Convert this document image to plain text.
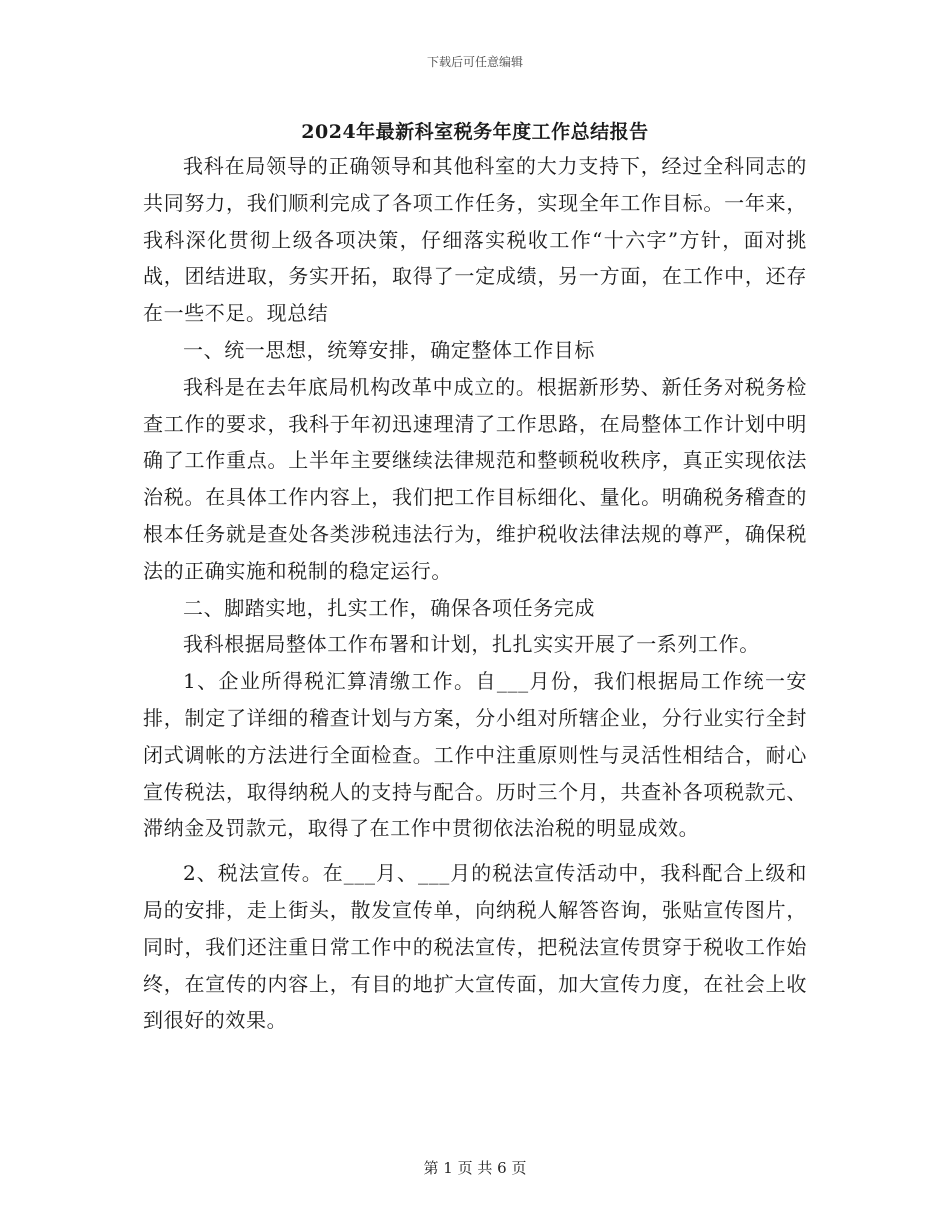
下载后可任意编辑
2024年最新科室税务年度工作总结报告

我科在局领导的正确领导和其他科室的大力支持下，经过全科同志的共同努力，我们顺利完成了各项工作任务，实现全年工作目标。一年来，我科深化贯彻上级各项决策，仔细落实税收工作“十六字”方针，面对挑战，团结进取，务实开拓，取得了一定成绩，另一方面，在工作中，还存在一些不足。现总结

一、统一思想，统筹安排，确定整体工作目标

我科是在去年底局机构改革中成立的。根据新形势、新任务对税务检查工作的要求，我科于年初迅速理清了工作思路，在局整体工作计划中明确了工作重点。上半年主要继续法律规范和整顿税收秩序，真正实现依法治税。在具体工作内容上，我们把工作目标细化、量化。明确税务稽查的根本任务就是查处各类涉税违法行为，维护税收法律法规的尊严，确保税法的正确实施和税制的稳定运行。

二、脚踏实地，扎实工作，确保各项任务完成

我科根据局整体工作布署和计划，扎扎实实开展了一系列工作。

1、企业所得税汇算清缴工作。自___月份，我们根据局工作统一安排，制定了详细的稽查计划与方案，分小组对所辖企业，分行业实行全封闭式调帐的方法进行全面检查。工作中注重原则性与灵活性相结合，耐心宣传税法，取得纳税人的支持与配合。历时三个月，共查补各项税款元、滞纳金及罚款元，取得了在工作中贯彻依法治税的明显成效。

2、税法宣传。在___月、___月的税法宣传活动中，我科配合上级和局的安排，走上街头，散发宣传单，向纳税人解答咨询，张贴宣传图片，同时，我们还注重日常工作中的税法宣传，把税法宣传贯穿于税收工作始终，在宣传的内容上，有目的地扩大宣传面，加大宣传力度，在社会上收到很好的效果。

第 1 页 共 6 页
